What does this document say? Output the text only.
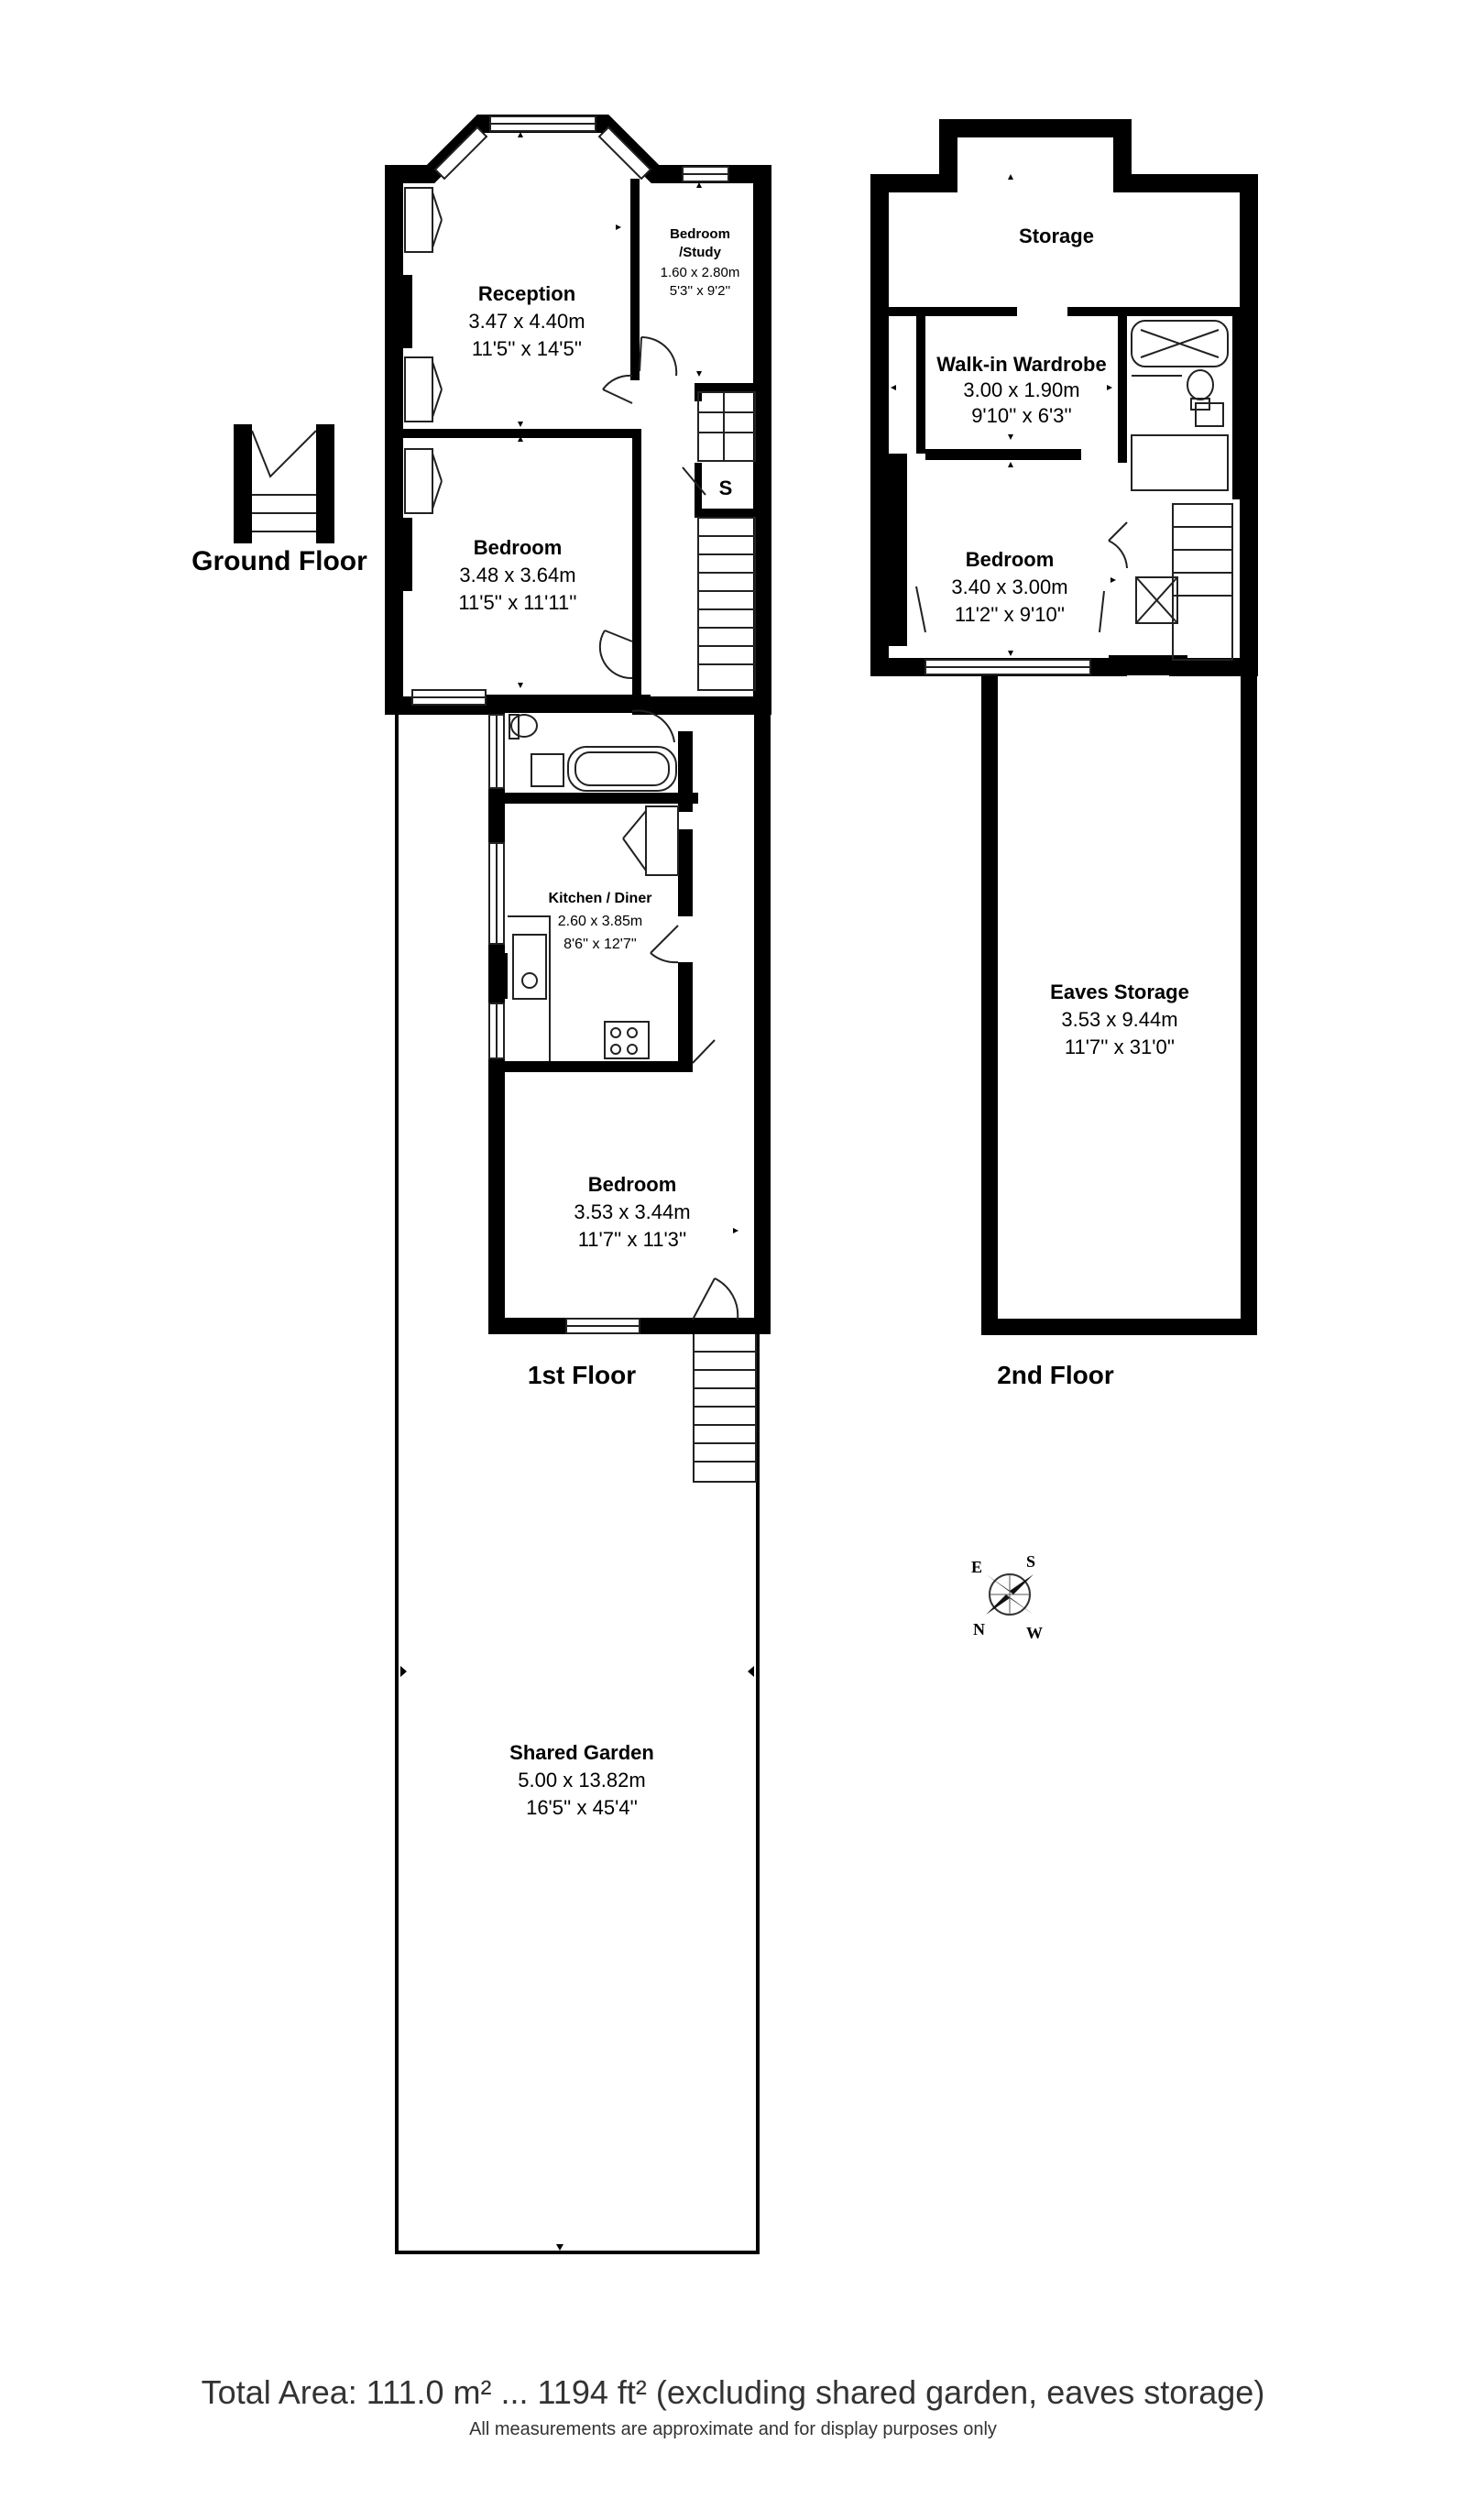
Shared Garden
5.00 x 13.82m
16'5'' x 45'4''
Reception
3.47 x 4.40m
11'5'' x 14'5''
Bedroom
/Study
1.60 x 2.80m
5'3'' x 9'2''
Bedroom
3.48 x 3.64m
11'5'' x 11'11''
S
Ground Floor
Kitchen / Diner
2.60 x 3.85m
8'6'' x 12'7''
Bedroom
3.53 x 3.44m
11'7'' x 11'3''
1st Floor
Storage
Walk-in Wardrobe
3.00 x 1.90m
9'10'' x 6'3''
Bedroom
3.40 x 3.00m
11'2'' x 9'10''
Eaves Storage
3.53 x 9.44m
11'7'' x 31'0''
2nd Floor
E	S
N	W
Total Area: 111.0 m² ... 1194 ft² (excluding shared garden, eaves storage)
All measurements are approximate and for display purposes only
